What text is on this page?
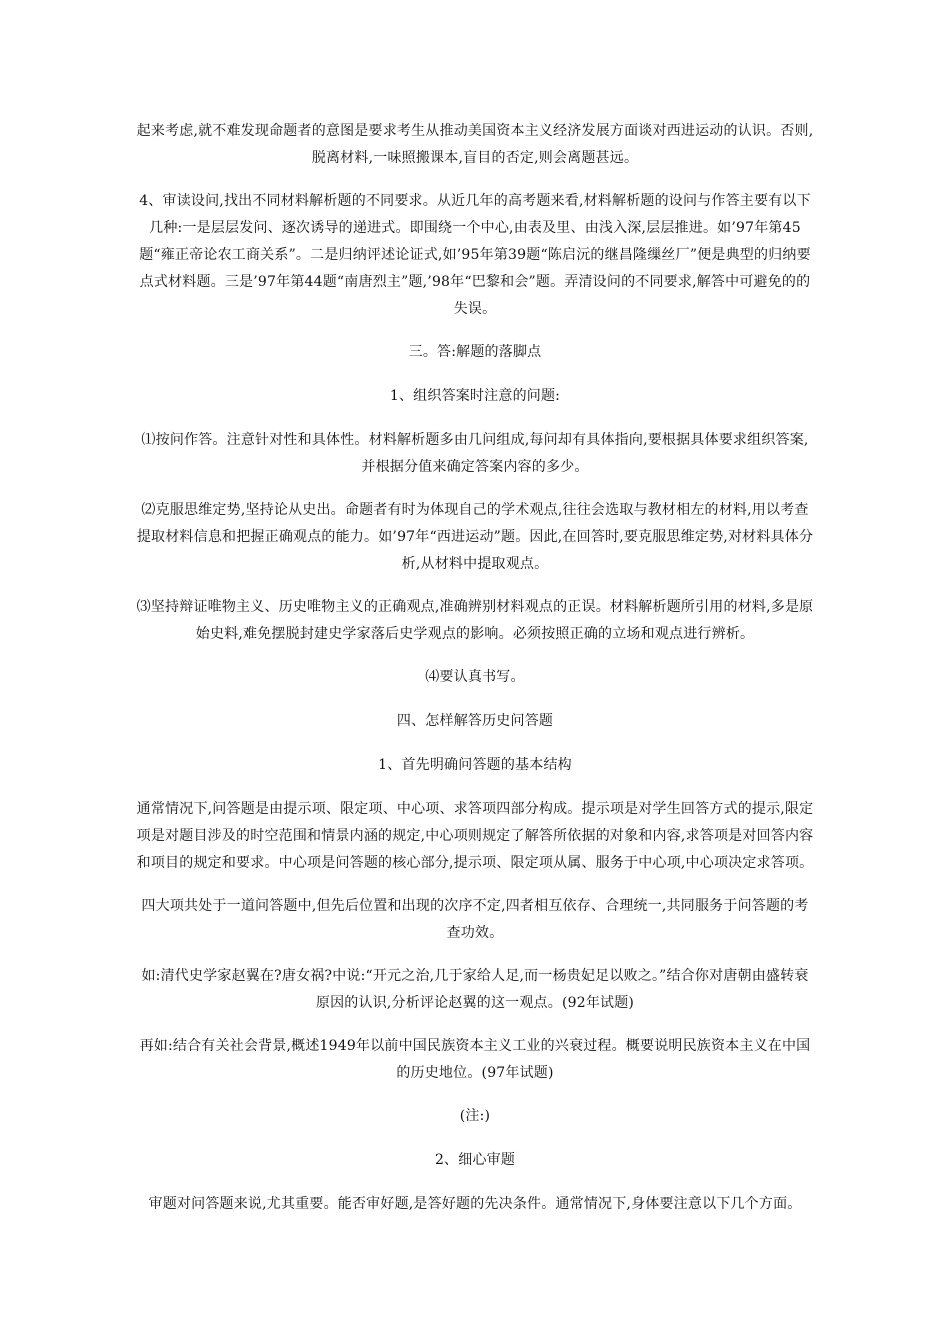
起来考虑,就不难发现命题者的意图是要求考生从推动美国资本主义经济发展方面谈对西进运动的认识。否则,脱离材料,一味照搬课本,盲目的否定,则会离题甚远。

4、审读设问,找出不同材料解析题的不同要求。从近几年的高考题来看,材料解析题的设问与作答主要有以下几种:一是层层发问、逐次诱导的递进式。即围绕一个中心,由表及里、由浅入深,层层推进。如’97年第45题“雍正帝论农工商关系”。二是归纳评述论证式,如’95年第39题“陈启沅的继昌隆缫丝厂”便是典型的归纳要点式材料题。三是’97年第44题“南唐烈主”题,’98年“巴黎和会”题。弄清设问的不同要求,解答中可避免的的失误。

三。答:解题的落脚点

1、组织答案时注意的问题:

⑴按问作答。注意针对性和具体性。材料解析题多由几问组成,每问却有具体指向,要根据具体要求组织答案,并根据分值来确定答案内容的多少。

⑵克服思维定势,坚持论从史出。命题者有时为体现自己的学术观点,往往会选取与教材相左的材料,用以考查提取材料信息和把握正确观点的能力。如’97年“西进运动”题。因此,在回答时,要克服思维定势,对材料具体分析,从材料中提取观点。

⑶坚持辩证唯物主义、历史唯物主义的正确观点,准确辨别材料观点的正误。材料解析题所引用的材料,多是原始史料,难免摆脱封建史学家落后史学观点的影响。必须按照正确的立场和观点进行辨析。

⑷要认真书写。

四、怎样解答历史问答题

1、首先明确问答题的基本结构

通常情况下,问答题是由提示项、限定项、中心项、求答项四部分构成。提示项是对学生回答方式的提示,限定项是对题目涉及的时空范围和情景内涵的规定,中心项则规定了解答所依据的对象和内容,求答项是对回答内容和项目的规定和要求。中心项是问答题的核心部分,提示项、限定项从属、服务于中心项,中心项决定求答项。

四大项共处于一道问答题中,但先后位置和出现的次序不定,四者相互依存、合理统一,共同服务于问答题的考查功效。

如:清代史学家赵翼在?唐女祸?中说:“开元之治,几于家给人足,而一杨贵妃足以败之。”结合你对唐朝由盛转衰原因的认识,分析评论赵翼的这一观点。(92年试题)

再如:结合有关社会背景,概述1949年以前中国民族资本主义工业的兴衰过程。概要说明民族资本主义在中国的历史地位。(97年试题)

(注:)

2、细心审题

审题对问答题来说,尤其重要。能否审好题,是答好题的先决条件。通常情况下,身体要注意以下几个方面。
